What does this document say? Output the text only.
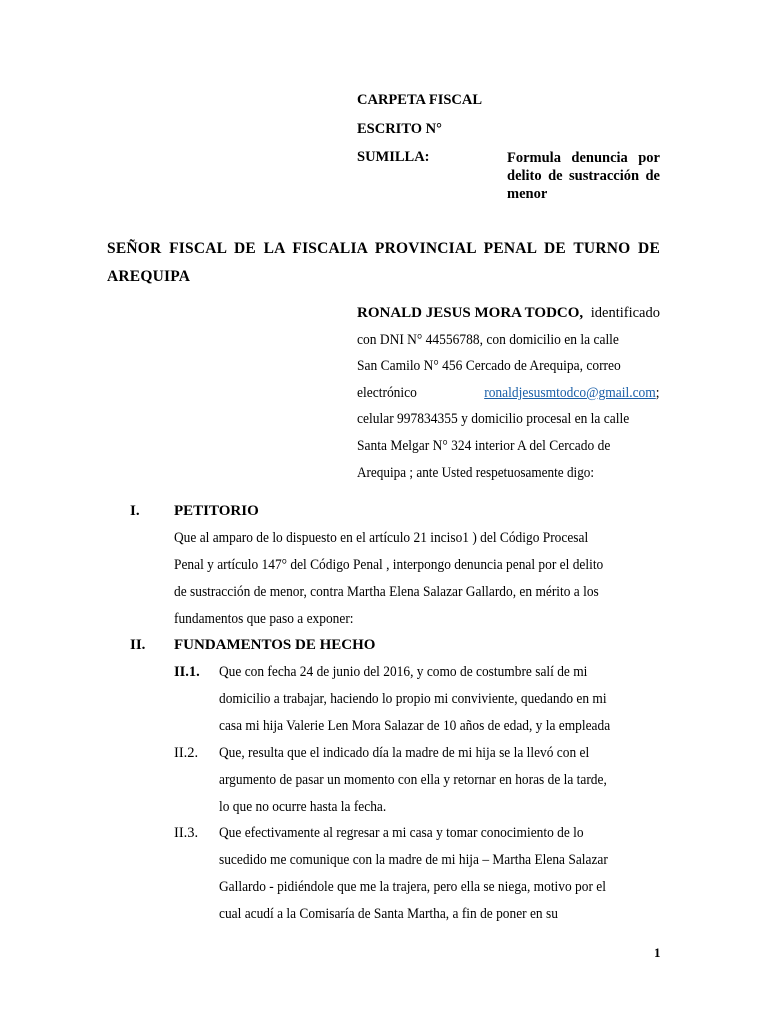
CARPETA FISCAL
ESCRITO N°
SUMILLA:	Formula denuncia por
delito de sustracción de
menor
SEÑOR FISCAL DE LA FISCALIA PROVINCIAL PENAL DE TURNO DE
AREQUIPA
RONALD JESUS MORA TODCO, identificado
con DNI N° 44556788, con domicilio en la calle
San Camilo N° 456 Cercado de Arequipa, correo
electrónico	ronaldjesusmtodco@gmail.com;
celular 997834355 y domicilio procesal en la calle
Santa Melgar N° 324 interior A del Cercado de
Arequipa ; ante Usted respetuosamente digo:
I. PETITORIO
Que al amparo de lo dispuesto en el artículo 21 inciso1 ) del Código Procesal
Penal y artículo 147° del Código Penal , interpongo denuncia penal por el delito
de sustracción de menor, contra Martha Elena Salazar Gallardo, en mérito a los
fundamentos que paso a exponer:
II. FUNDAMENTOS DE HECHO
II.1. Que con fecha 24 de junio del 2016, y como de costumbre salí de mi
domicilio a trabajar, haciendo lo propio mi conviviente, quedando en mi
casa mi hija Valerie Len Mora Salazar de 10 años de edad, y la empleada
II.2. Que, resulta que el indicado día la madre de mi hija se la llevó con el
argumento de pasar un momento con ella y retornar en horas de la tarde,
lo que no ocurre hasta la fecha.
II.3. Que efectivamente al regresar a mi casa y tomar conocimiento de lo
sucedido me comunique con la madre de mi hija – Martha Elena Salazar
Gallardo - pidiéndole que me la trajera, pero ella se niega, motivo por el
cual acudí a la Comisaría de Santa Martha, a fin de poner en su
1
